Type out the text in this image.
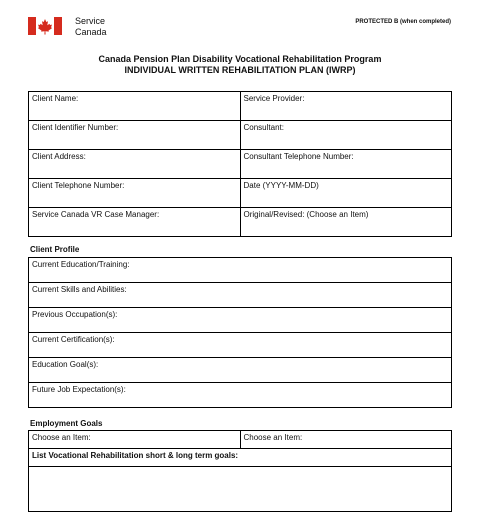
Service
Canada
PROTECTED B (when completed)
Canada Pension Plan Disability Vocational Rehabilitation Program
INDIVIDUAL WRITTEN REHABILITATION PLAN (IWRP)
Client Name:	Service Provider:
Client Identifier Number:	Consultant:
Client Address:	Consultant Telephone Number:
Client Telephone Number:	Date (YYYY-MM-DD)
Service Canada VR Case Manager:	Original/Revised: (Choose an Item)
Client Profile
Current Education/Training:
Current Skills and Abilities:
Previous Occupation(s):
Current Certification(s):
Education Goal(s):
Future Job Expectation(s):
Employment Goals
Choose an Item:	Choose an Item:
List Vocational Rehabilitation short & long term goals:
